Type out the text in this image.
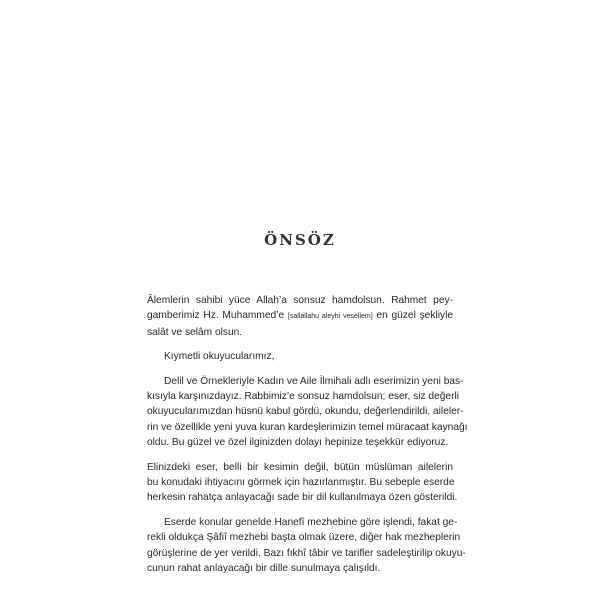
ÖNSÖZ

Âlemlerin sahibi yüce Allah’a sonsuz hamdolsun. Rahmet pey-
gamberimiz Hz. Muhammed’e [sallallahu aleyhi vesellem] en güzel şekliyle
salât ve selâm olsun.

Kıymetli okuyucularımız,

Delil ve Örnekleriyle Kadın ve Aile İlmihali adlı eserimizin yeni bas-
kısıyla karşınızdayız. Rabbimiz’e sonsuz hamdolsun; eser, siz değerli
okuyucularımızdan hüsnü kabul gördü, okundu, değerlendirildi, aileler-
rin ve özellikle yeni yuva kuran kardeşlerimizin temel müracaat kaynağı
oldu. Bu güzel ve özel ilginizden dolayı hepinize teşekkür ediyoruz.

Elinizdeki eser, belli bir kesimin değil, bütün müslüman ailelerin
bu konudaki ihtiyacını görmek için hazırlanmıştır. Bu sebeple eserde
herkesin rahatça anlayacağı sade bir dil kullanılmaya özen gösterildi.

Eserde konular genelde Hanefî mezhebine göre işlendi, fakat ge-
rekli oldukça Şâfiî mezhebi başta olmak üzere, diğer hak mezheplerin
görüşlerine de yer verildi. Bazı fıkhî tâbir ve tarifler sadeleştirilip okuyu-
cunun rahat anlayacağı bir dille sunulmaya çalışıldı.
